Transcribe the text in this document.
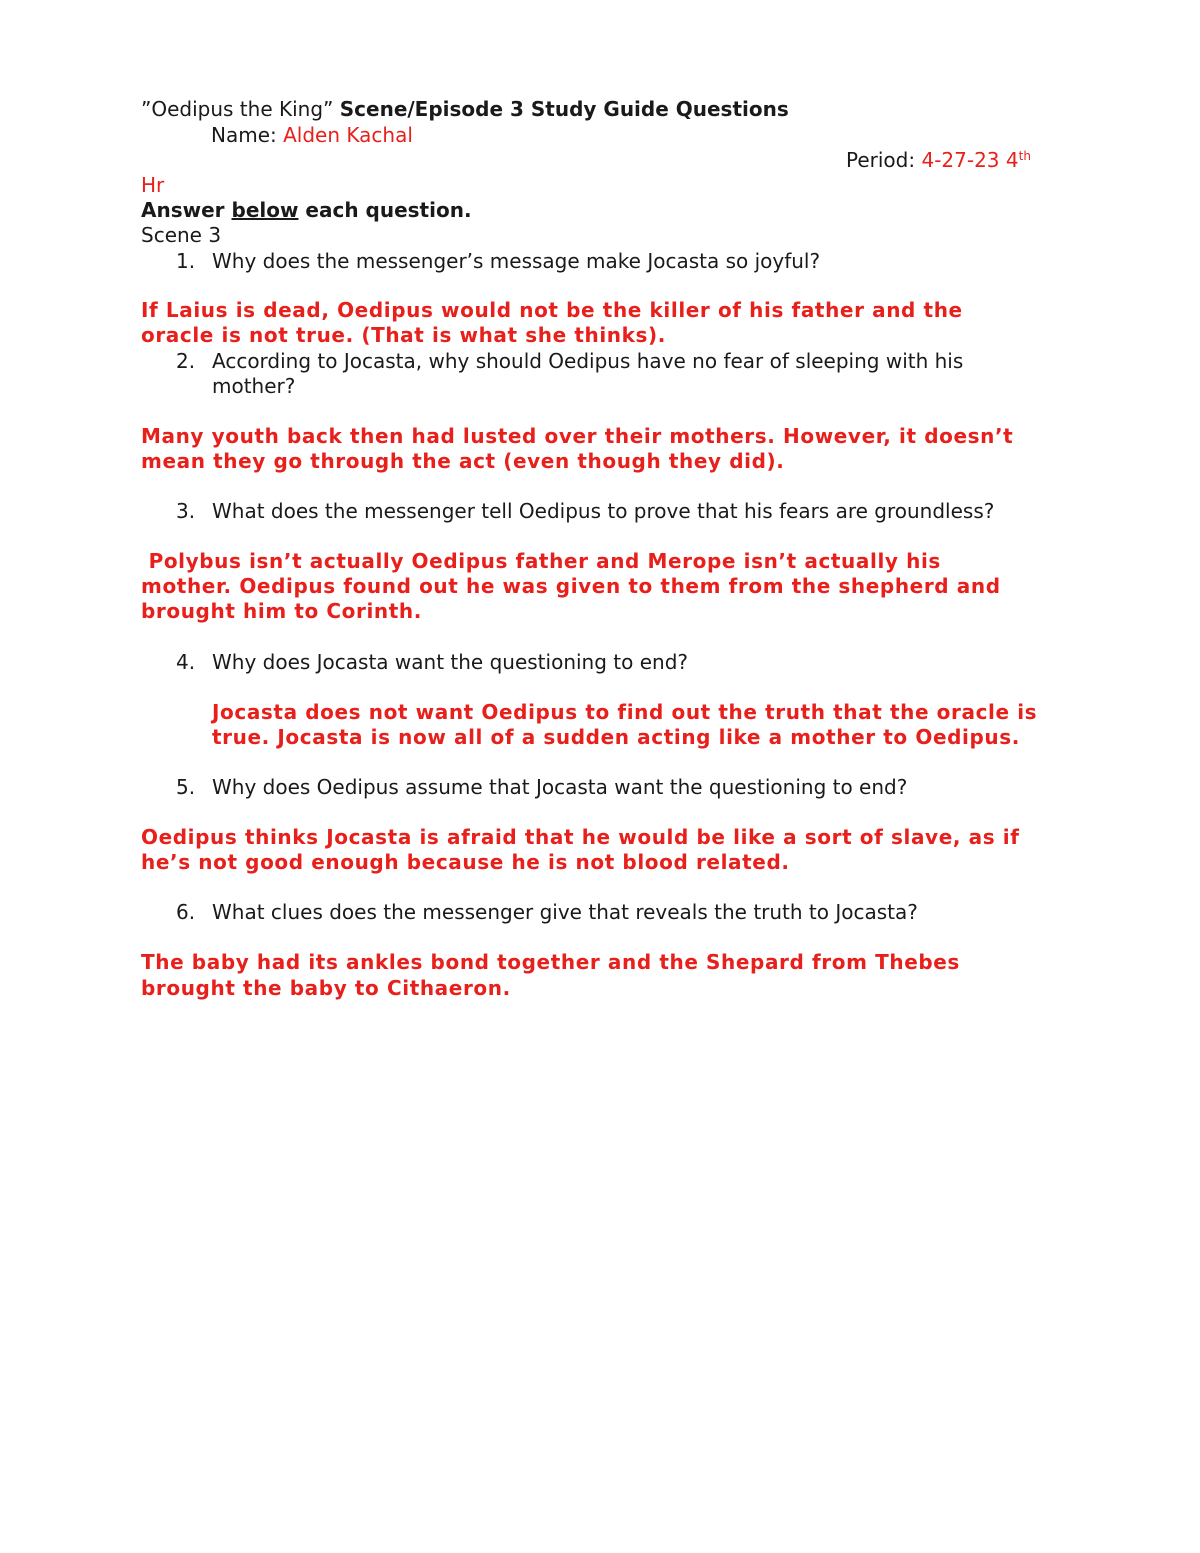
”Oedipus the King” Scene/Episode 3 Study Guide Questions
Name: Alden Kachal
Period: 4-27-23 4th
Hr
Answer below each question.
Scene 3
1. Why does the messenger’s message make Jocasta so joyful?
If Laius is dead, Oedipus would not be the killer of his father and the
oracle is not true. (That is what she thinks).
2. According to Jocasta, why should Oedipus have no fear of sleeping with his
mother?
Many youth back then had lusted over their mothers. However, it doesn’t
mean they go through the act (even though they did).
3. What does the messenger tell Oedipus to prove that his fears are groundless?
Polybus isn’t actually Oedipus father and Merope isn’t actually his
mother. Oedipus found out he was given to them from the shepherd and
brought him to Corinth.
4. Why does Jocasta want the questioning to end?
Jocasta does not want Oedipus to find out the truth that the oracle is
true. Jocasta is now all of a sudden acting like a mother to Oedipus.
5. Why does Oedipus assume that Jocasta want the questioning to end?
Oedipus thinks Jocasta is afraid that he would be like a sort of slave, as if
he’s not good enough because he is not blood related.
6. What clues does the messenger give that reveals the truth to Jocasta?
The baby had its ankles bond together and the Shepard from Thebes
brought the baby to Cithaeron.
